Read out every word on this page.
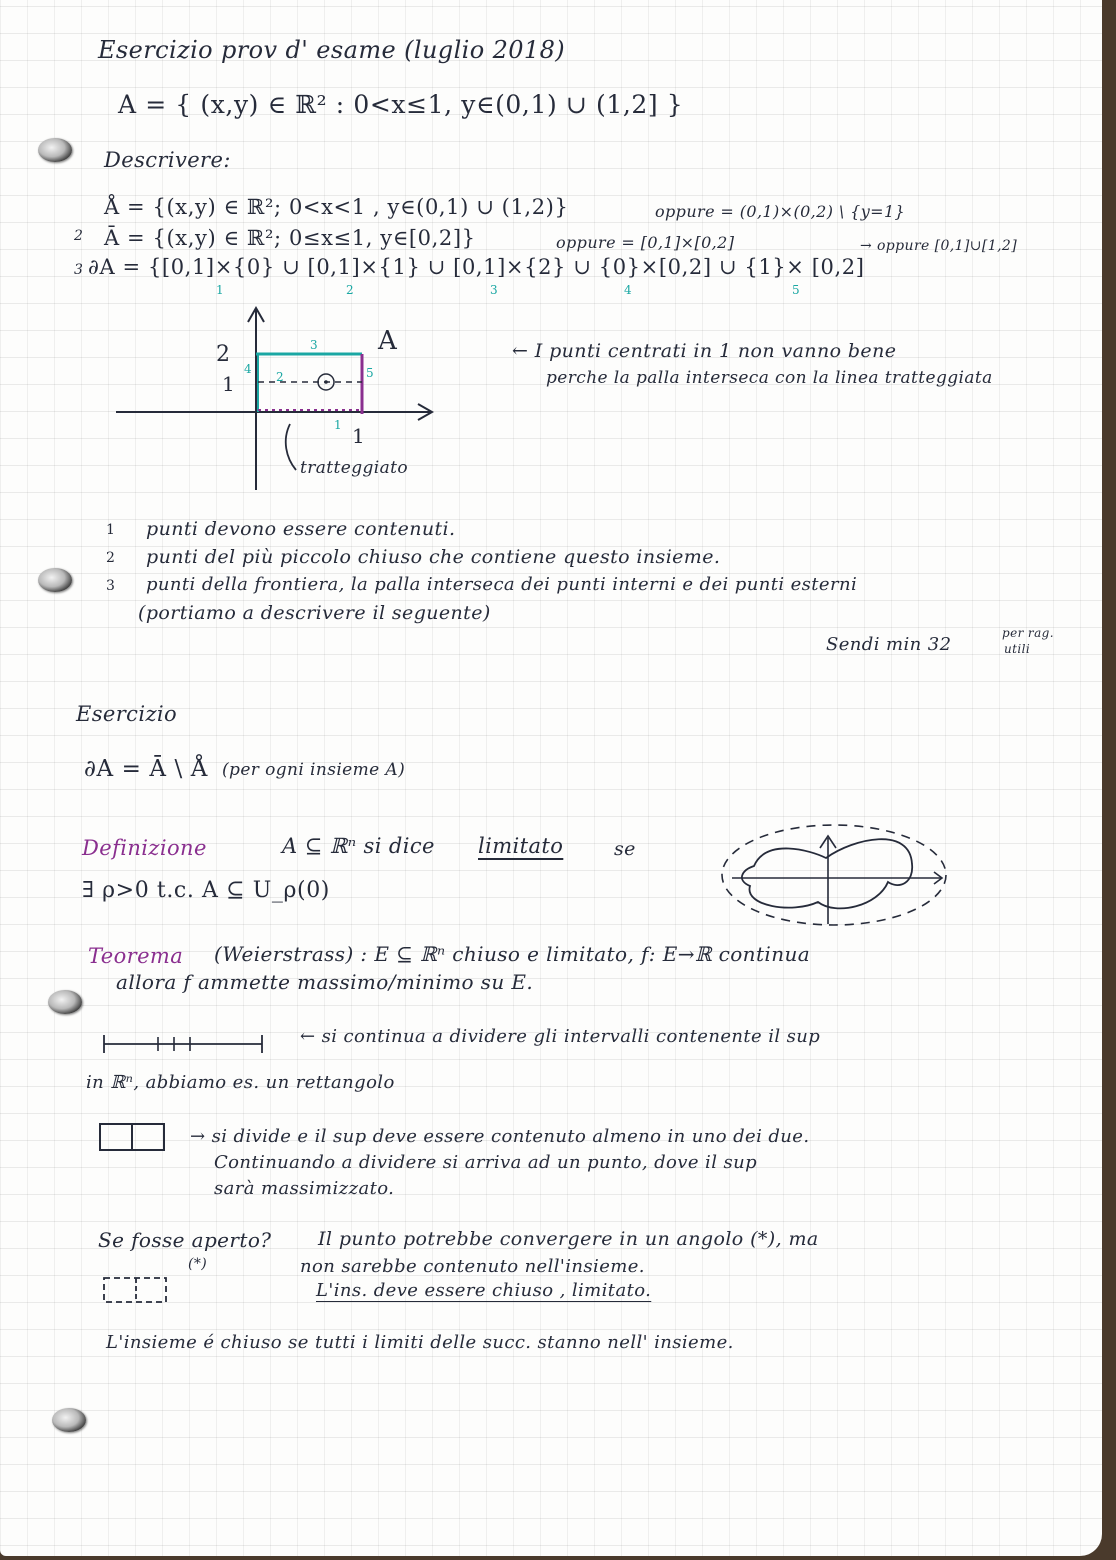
Esercizio prov d' esame (luglio 2018)
A = { (x,y) ∈ ℝ² : 0<x≤1, y∈(0,1) ∪ (1,2] }
Descrivere:
Å = {(x,y) ∈ ℝ²; 0<x<1 , y∈(0,1) ∪ (1,2)}	oppure = (0,1)×(0,2) \ {y=1}
2 Ā = {(x,y) ∈ ℝ²; 0≤x≤1, y∈[0,2]}	oppure = [0,1]×[0,2]	→ oppure [0,1]∪[1,2]
3 ∂A = {[0,1]×{0} ∪ [0,1]×{1} ∪ [0,1]×{2} ∪ {0}×[0,2] ∪ {1}× [0,2]
1	2	3	4	5
A
2
1
1
3
2
4	5
1
tratteggiato
← I punti centrati in 1 non vanno bene
perche la palla interseca con la linea tratteggiata
1 punti devono essere contenuti.
2 punti del più piccolo chiuso che contiene questo insieme.
3 punti della frontiera, la palla interseca dei punti interni e dei punti esterni
(portiamo a descrivere il seguente)
Sendi min 32
per rag.
utili
Esercizio
∂A = Ā \ Å (per ogni insieme A)
Definizione	A ⊆ ℝⁿ si dice limitato	se
∃ ρ>0 t.c. A ⊆ U_ρ(0)
Teorema (Weierstrass) : E ⊆ ℝⁿ chiuso e limitato, f: E→ℝ continua
allora f ammette massimo/minimo su E.
← si continua a dividere gli intervalli contenente il sup
in ℝⁿ, abbiamo es. un rettangolo
→ si divide e il sup deve essere contenuto almeno in uno dei due.
Continuando a dividere si arriva ad un punto, dove il sup
sarà massimizzato.
Se fosse aperto? Il punto potrebbe convergere in un angolo (*), ma
non sarebbe contenuto nell'insieme.
L'ins. deve essere chiuso , limitato.
(*)
L'insieme é chiuso se tutti i limiti delle succ. stanno nell' insieme.
